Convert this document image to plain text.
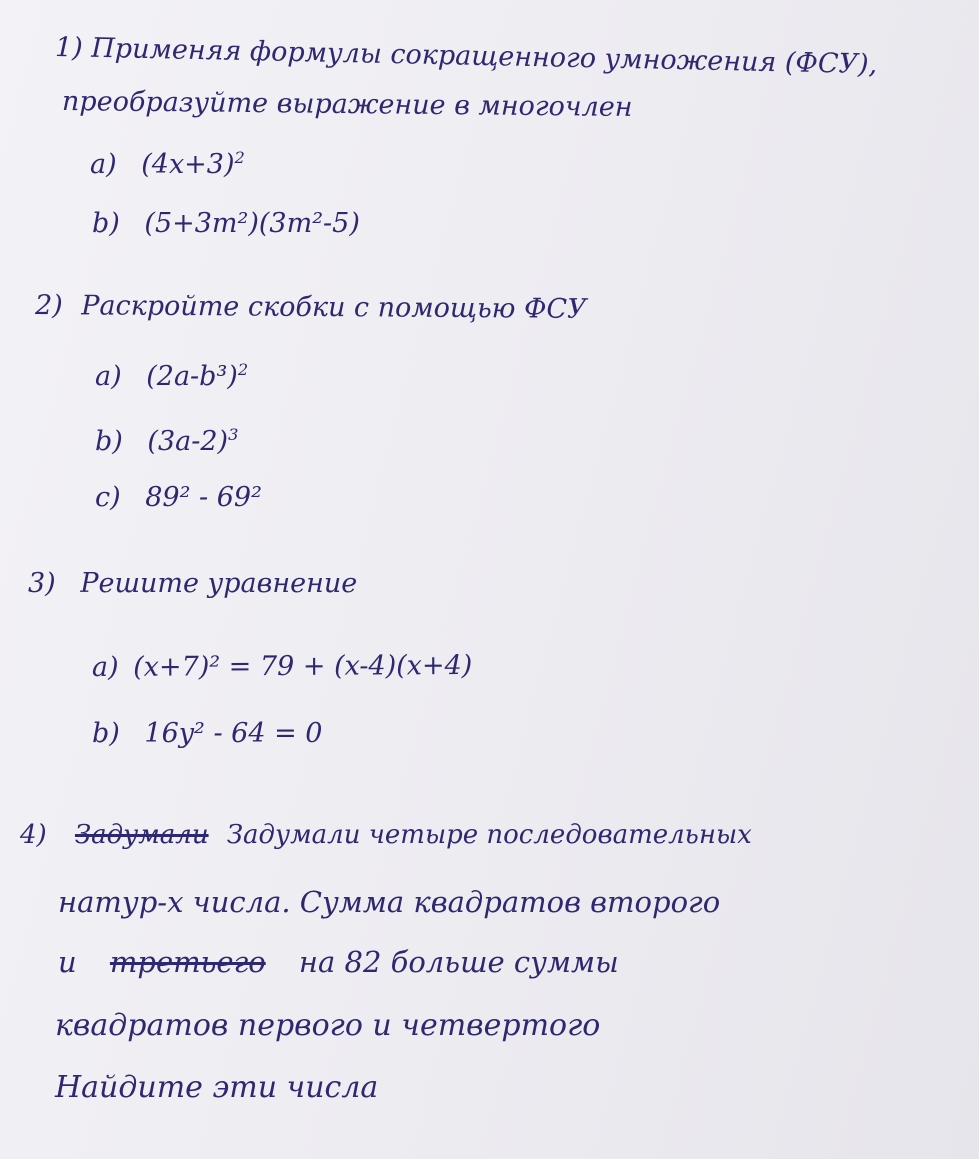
1) Применяя формулы сокращенного умножения (ФСУ),
преобразуйте выражение в многочлен
a) $(4x+3)^2$
b) (5+3m²)(3m²-5)
2) Раскройте скобки с помощью ФСУ
a) $(2a-b^3)^2$
b) $(3a-2)^3$
c) 89² - 69²
3) Решите уравнение
a) (x+7)² = 79 + (x-4)(x+4)
b) 16y² - 64 = 0
4) Задумали Задумали четыре последовательных
натур-х числа. Сумма квадратов второго
и третьего на 82 больше суммы
квадратов первого и четвертого
Найдите эти числа
